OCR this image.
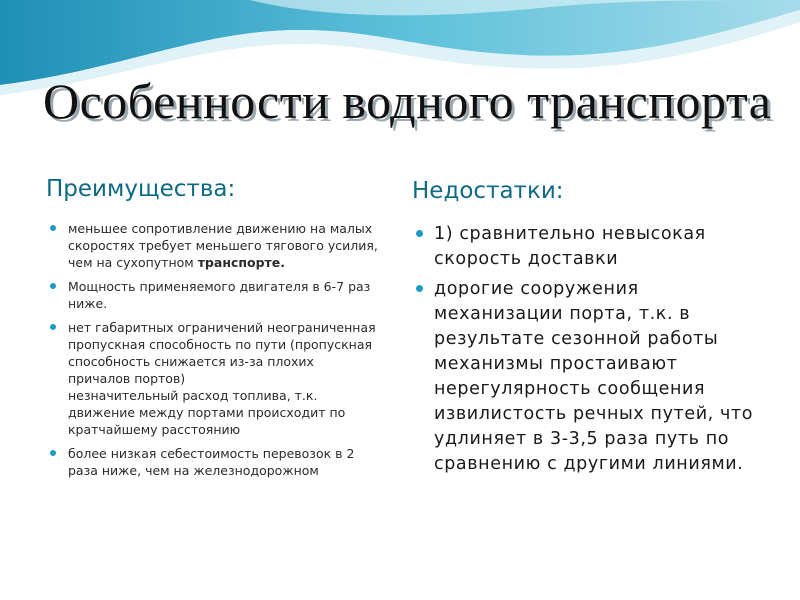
Особенности водного транспорта
Преимущества:	Недостатки:
меньшее сопротивление движению на малых скоростях требует меньшего тягового усилия, чем на сухопутном транспорте.
Мощность применяемого двигателя в 6-7 раз ниже.
нет габаритных ограничений неограниченная пропускная способность по пути (пропускная способность снижается из-за плохих причалов портов)
незначительный расход топлива, т.к. движение между портами происходит по кратчайшему расстоянию
более низкая себестоимость перевозок в 2 раза ниже, чем на железнодорожном
1) сравнительно невысокая скорость доставки
дорогие сооружения механизации порта, т.к. в результате сезонной работы механизмы простаивают нерегулярность сообщения извилистость речных путей, что удлиняет в 3-3,5 раза путь по сравнению с другими линиями.
